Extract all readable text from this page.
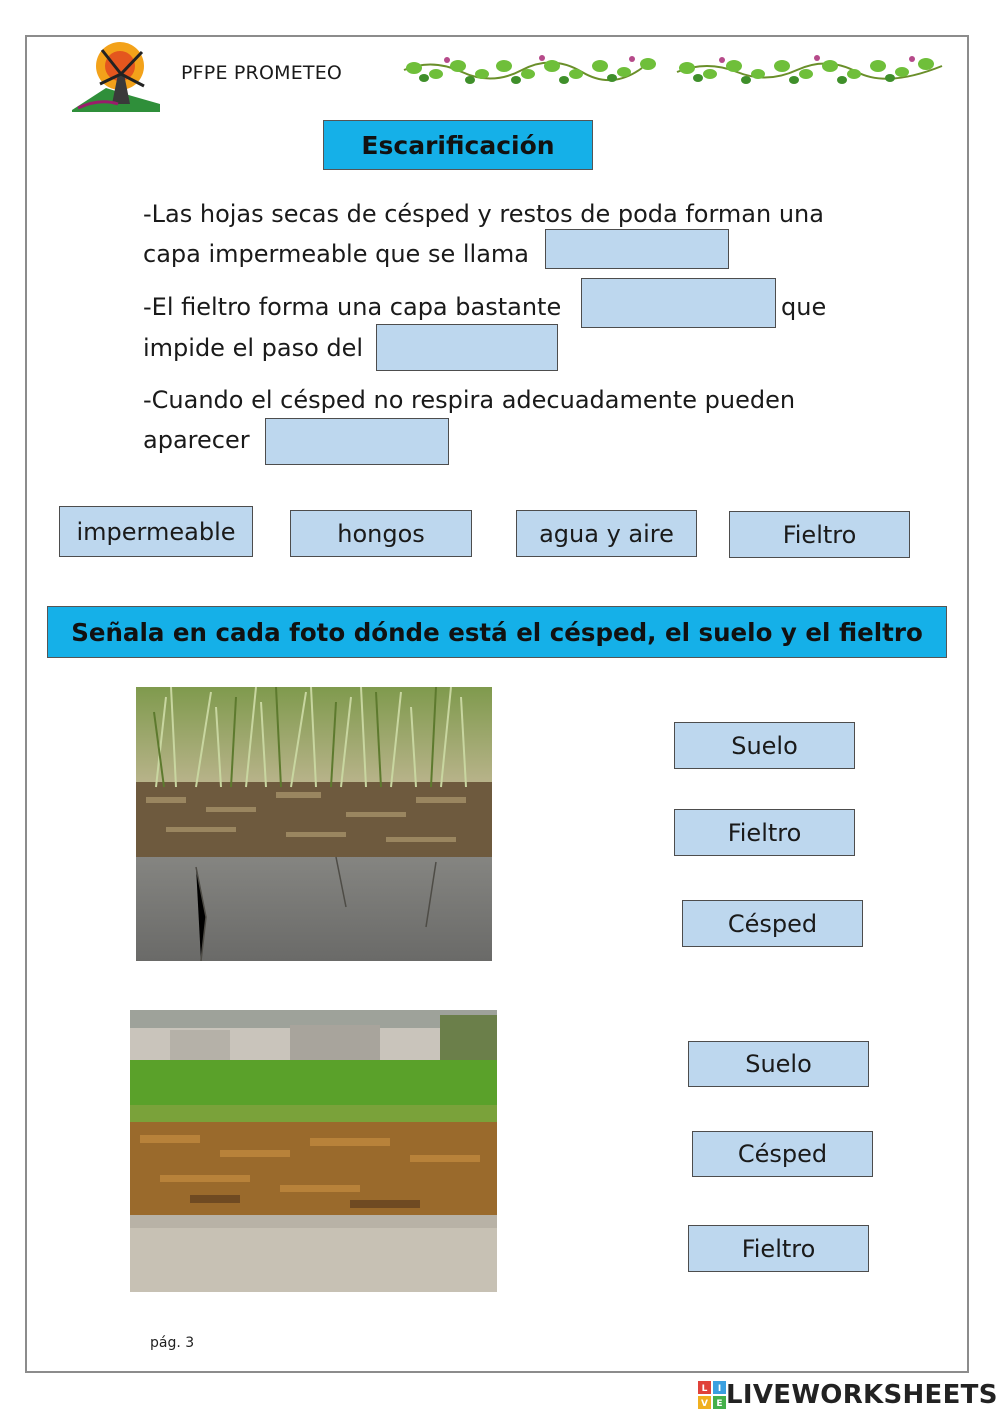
PFPE PROMETEO
Escarificación
-Las hojas secas de césped y restos de poda forman una
capa impermeable que se llama
-El fieltro forma una capa bastante	que
impide el paso del
-Cuando el césped no respira adecuadamente pueden
aparecer
impermeable	hongos	agua y aire	Fieltro
Señala en cada foto dónde está el césped, el suelo y el fieltro
Suelo
Fieltro
Césped
Suelo
Césped
Fieltro
pág. 3
L I
V E LIVEWORKSHEETS
